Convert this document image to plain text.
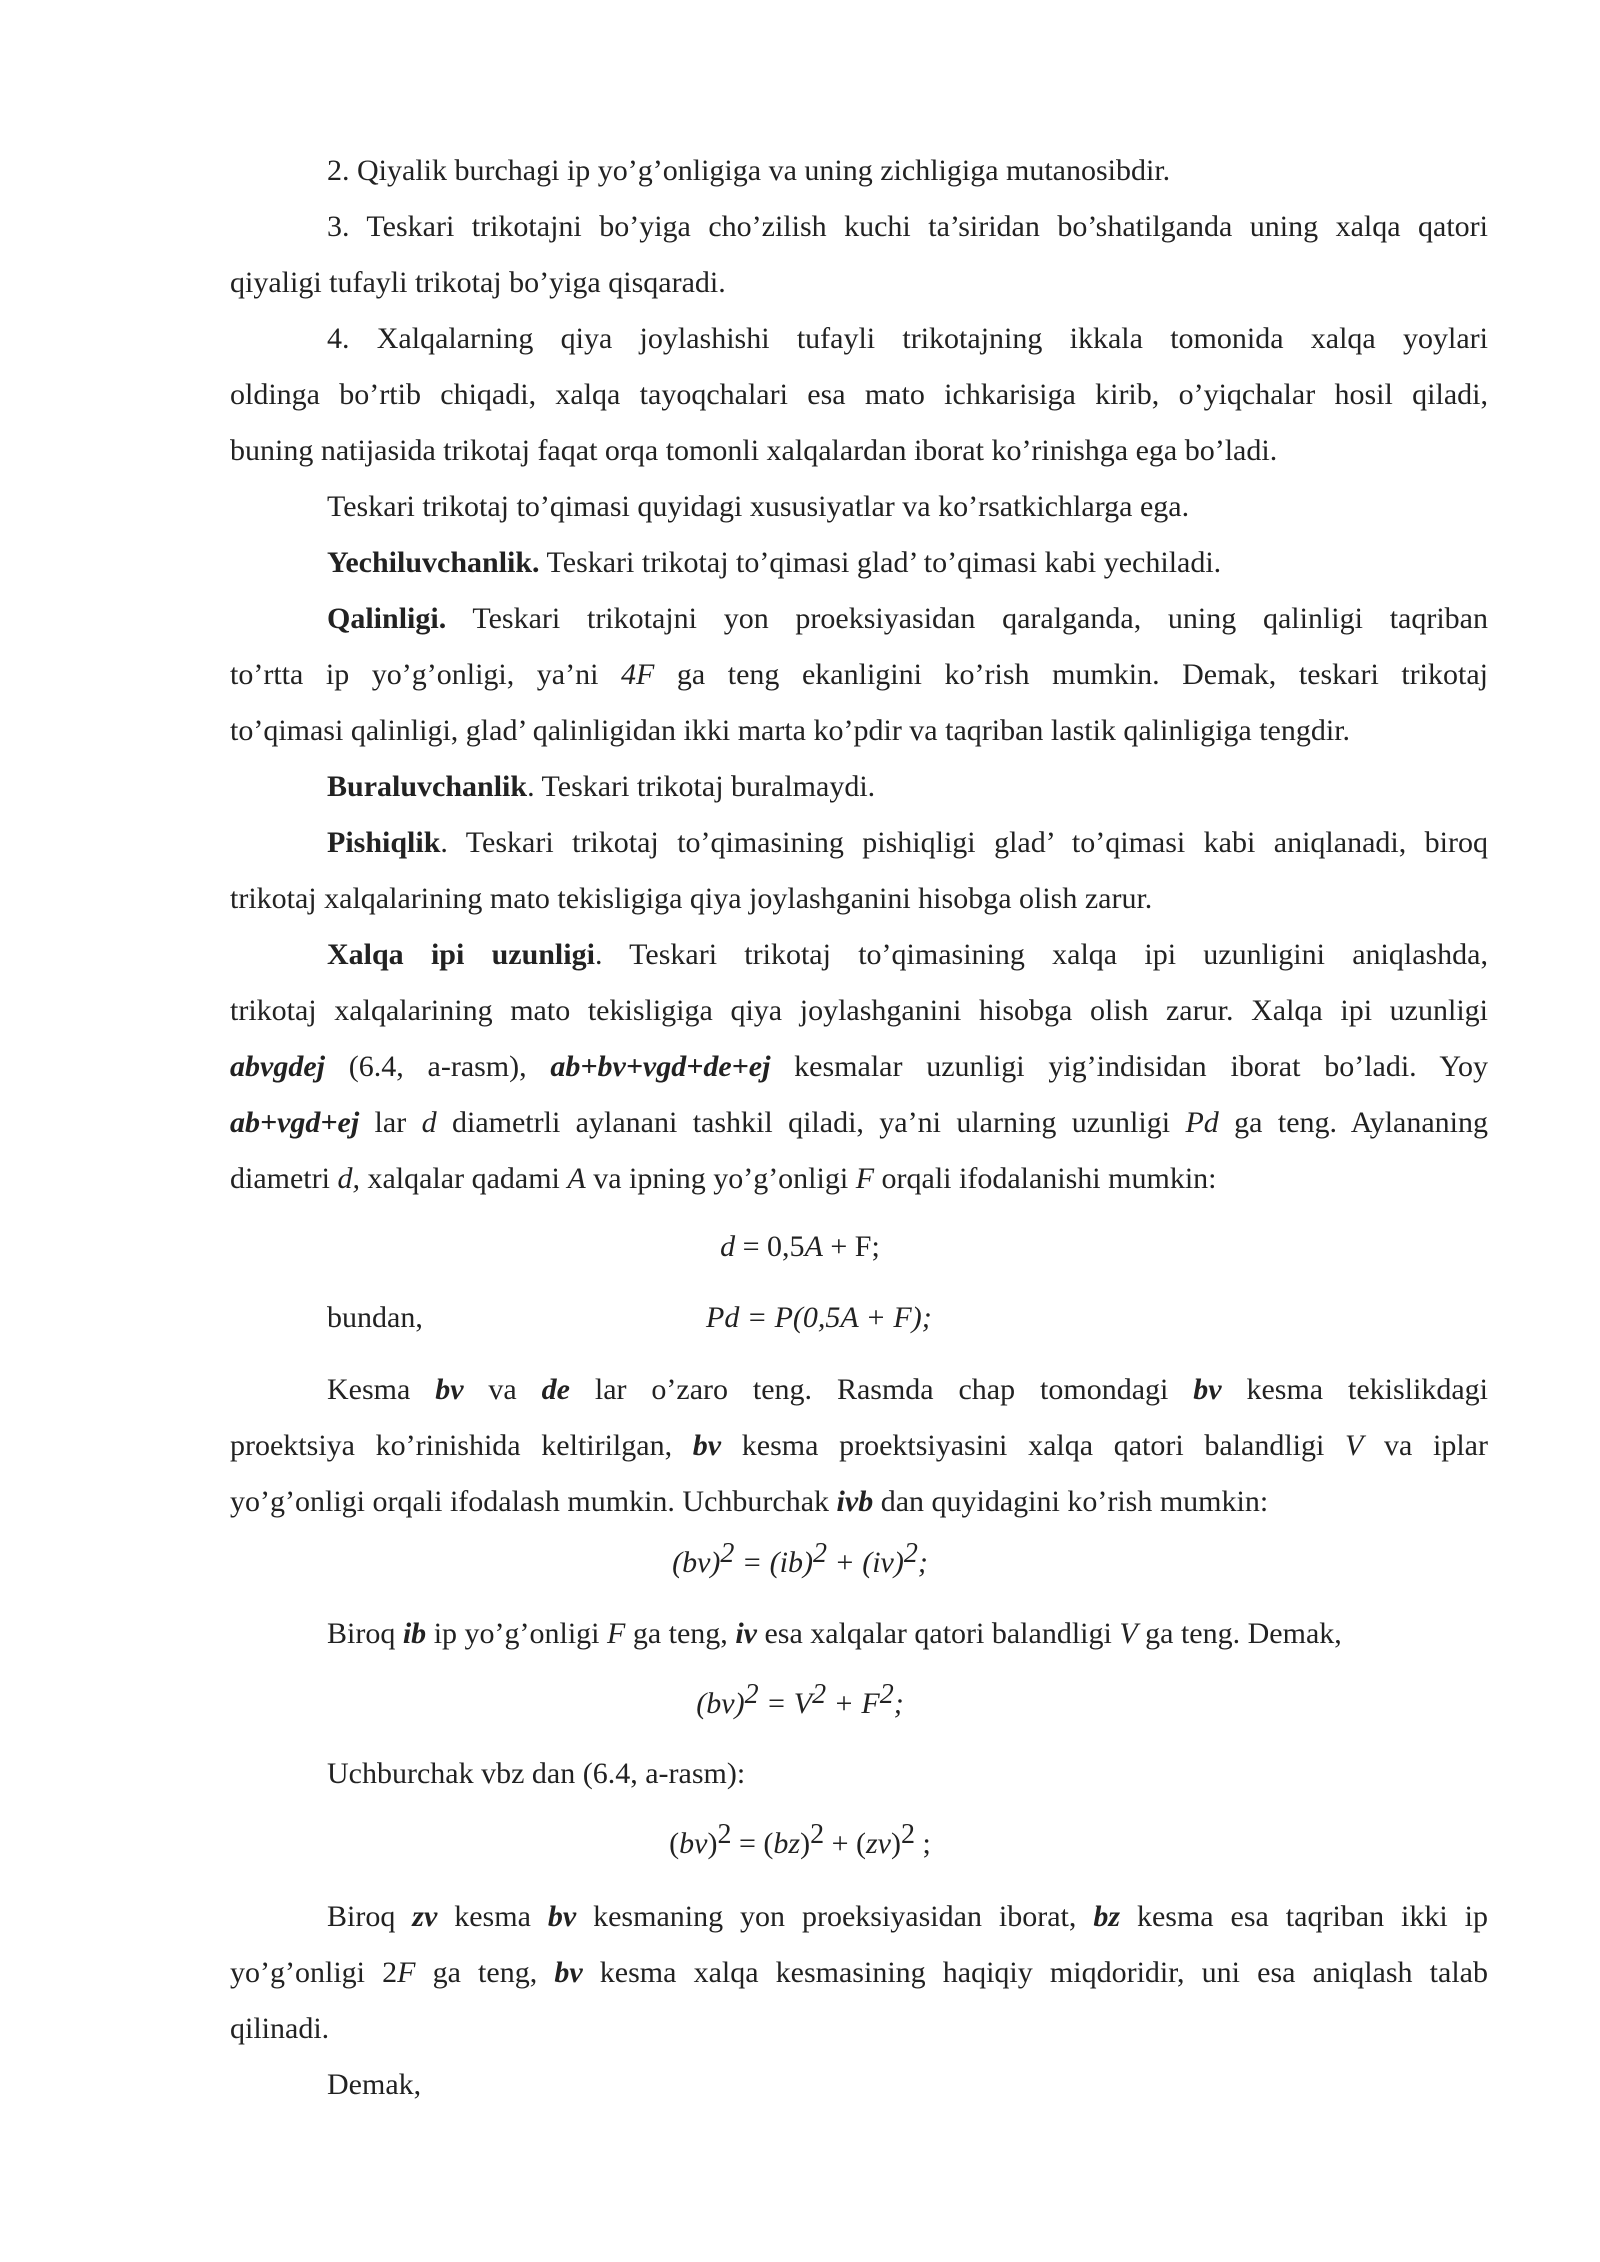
2. Qiyalik burchagi ip yo’g’onligiga va uning zichligiga mutanosibdir.
3. Teskari trikotajni bo’yiga cho’zilish kuchi ta’siridan bo’shatilganda uning xalqa qatori
qiyaligi tufayli trikotaj bo’yiga qisqaradi.
4. Xalqalarning qiya joylashishi tufayli trikotajning ikkala tomonida xalqa yoylari
oldinga bo’rtib chiqadi, xalqa tayoqchalari esa mato ichkarisiga kirib, o’yiqchalar hosil qiladi,
buning natijasida trikotaj faqat orqa tomonli xalqalardan iborat ko’rinishga ega bo’ladi.
Teskari trikotaj to’qimasi quyidagi xususiyatlar va ko’rsatkichlarga ega.
Yechiluvchanlik. Teskari trikotaj to’qimasi glad’ to’qimasi kabi yechiladi.
Qalinligi. Teskari trikotajni yon proeksiyasidan qaralganda, uning qalinligi taqriban
to’rtta ip yo’g’onligi, ya’ni 4F ga teng ekanligini ko’rish mumkin. Demak, teskari trikotaj
to’qimasi qalinligi, glad’ qalinligidan ikki marta ko’pdir va taqriban lastik qalinligiga tengdir.
Buraluvchanlik. Teskari trikotaj buralmaydi.
Pishiqlik. Teskari trikotaj to’qimasining pishiqligi glad’ to’qimasi kabi aniqlanadi, biroq
trikotaj xalqalarining mato tekisligiga qiya joylashganini hisobga olish zarur.
Xalqa ipi uzunligi. Teskari trikotaj to’qimasining xalqa ipi uzunligini aniqlashda,
trikotaj xalqalarining mato tekisligiga qiya joylashganini hisobga olish zarur. Xalqa ipi uzunligi
abvgdej (6.4, a-rasm), ab+bv+vgd+de+ej kesmalar uzunligi yig’indisidan iborat bo’ladi. Yoy
ab+vgd+ej lar d diametrli aylanani tashkil qiladi, ya’ni ularning uzunligi Pd ga teng. Aylananing
diametri d, xalqalar qadami A va ipning yo’g’onligi F orqali ifodalanishi mumkin:
d = 0,5A + F;
bundan,	Pd = P(0,5A + F);
Kesma bv va de lar o’zaro teng. Rasmda chap tomondagi bv kesma tekislikdagi
proektsiya ko’rinishida keltirilgan, bv kesma proektsiyasini xalqa qatori balandligi V va iplar
yo’g’onligi orqali ifodalash mumkin. Uchburchak ivb dan quyidagini ko’rish mumkin:
(bv)$^2$ = (ib)$^2$ + (iv)$^2$;
Biroq ib ip yo’g’onligi F ga teng, iv esa xalqalar qatori balandligi V ga teng. Demak,
$(bv)^2 = V^2 + F^2$;
Uchburchak vbz dan (6.4, a-rasm):
(bv)$^2$ = (bz)$^2$ + (zv)$^2$ ;
Biroq zv kesma bv kesmaning yon proeksiyasidan iborat, bz kesma esa taqriban ikki ip
yo’g’onligi 2F ga teng, bv kesma xalqa kesmasining haqiqiy miqdoridir, uni esa aniqlash talab
qilinadi.
Demak,
